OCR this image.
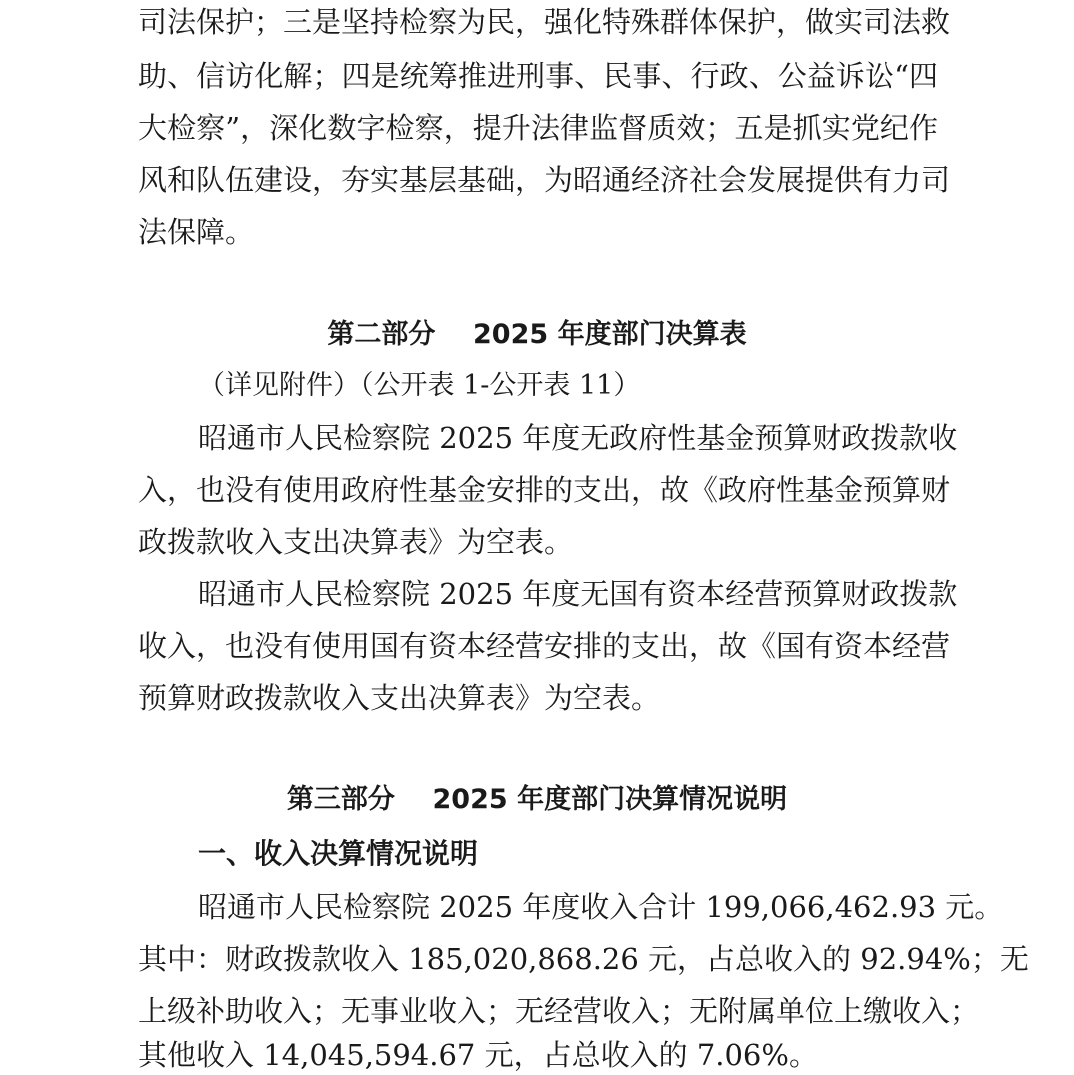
司法保护；三是坚持检察为民，强化特殊群体保护，做实司法救
助、信访化解；四是统筹推进刑事、民事、行政、公益诉讼“四
大检察”，深化数字检察，提升法律监督质效；五是抓实党纪作
风和队伍建设，夯实基层基础，为昭通经济社会发展提供有力司
法保障。
第二部分    2025 年度部门决算表
（详见附件）（公开表 1-公开表 11）
昭通市人民检察院 2025 年度无政府性基金预算财政拨款收
入，也没有使用政府性基金安排的支出，故《政府性基金预算财
政拨款收入支出决算表》为空表。
昭通市人民检察院 2025 年度无国有资本经营预算财政拨款
收入，也没有使用国有资本经营安排的支出，故《国有资本经营
预算财政拨款收入支出决算表》为空表。
第三部分    2025 年度部门决算情况说明
一、收入决算情况说明
昭通市人民检察院 2025 年度收入合计 199,066,462.93 元。
其中：财政拨款收入 185,020,868.26 元，占总收入的 92.94%；无
上级补助收入；无事业收入；无经营收入；无附属单位上缴收入；
其他收入 14,045,594.67 元，占总收入的 7.06%。
